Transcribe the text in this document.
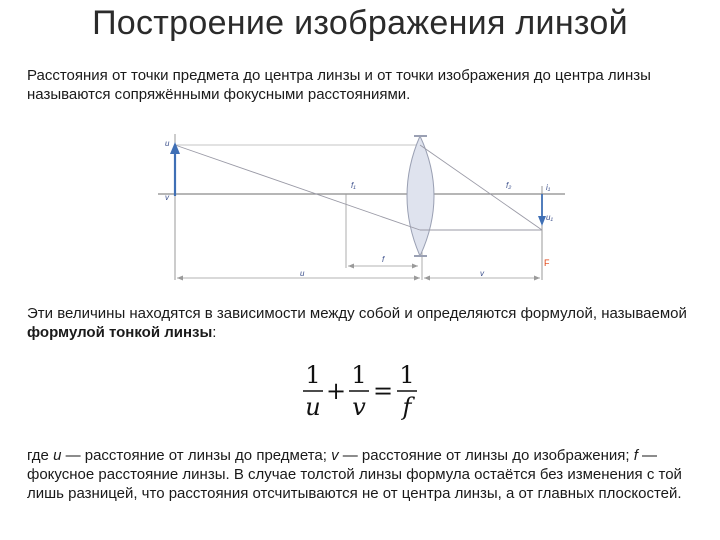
Построение изображения линзой
Расстояния от точки предмета до центра линзы и от точки изображения до центра линзы называются сопряжёнными фокусными расстояниями.
u
v
f₁	f₂	i₁
u₁
u
f
v
F
Эти величины находятся в зависимости между собой и определяются формулой, называемой формулой тонкой линзы:
1
u
+
1
v
=
1
f
где u — расстояние от линзы до предмета; v — расстояние от линзы до изображения; f —фокусное расстояние линзы. В случае толстой линзы формула остаётся без изменения с той лишь разницей, что расстояния отсчитываются не от центра линзы, а от главных плоскостей.
